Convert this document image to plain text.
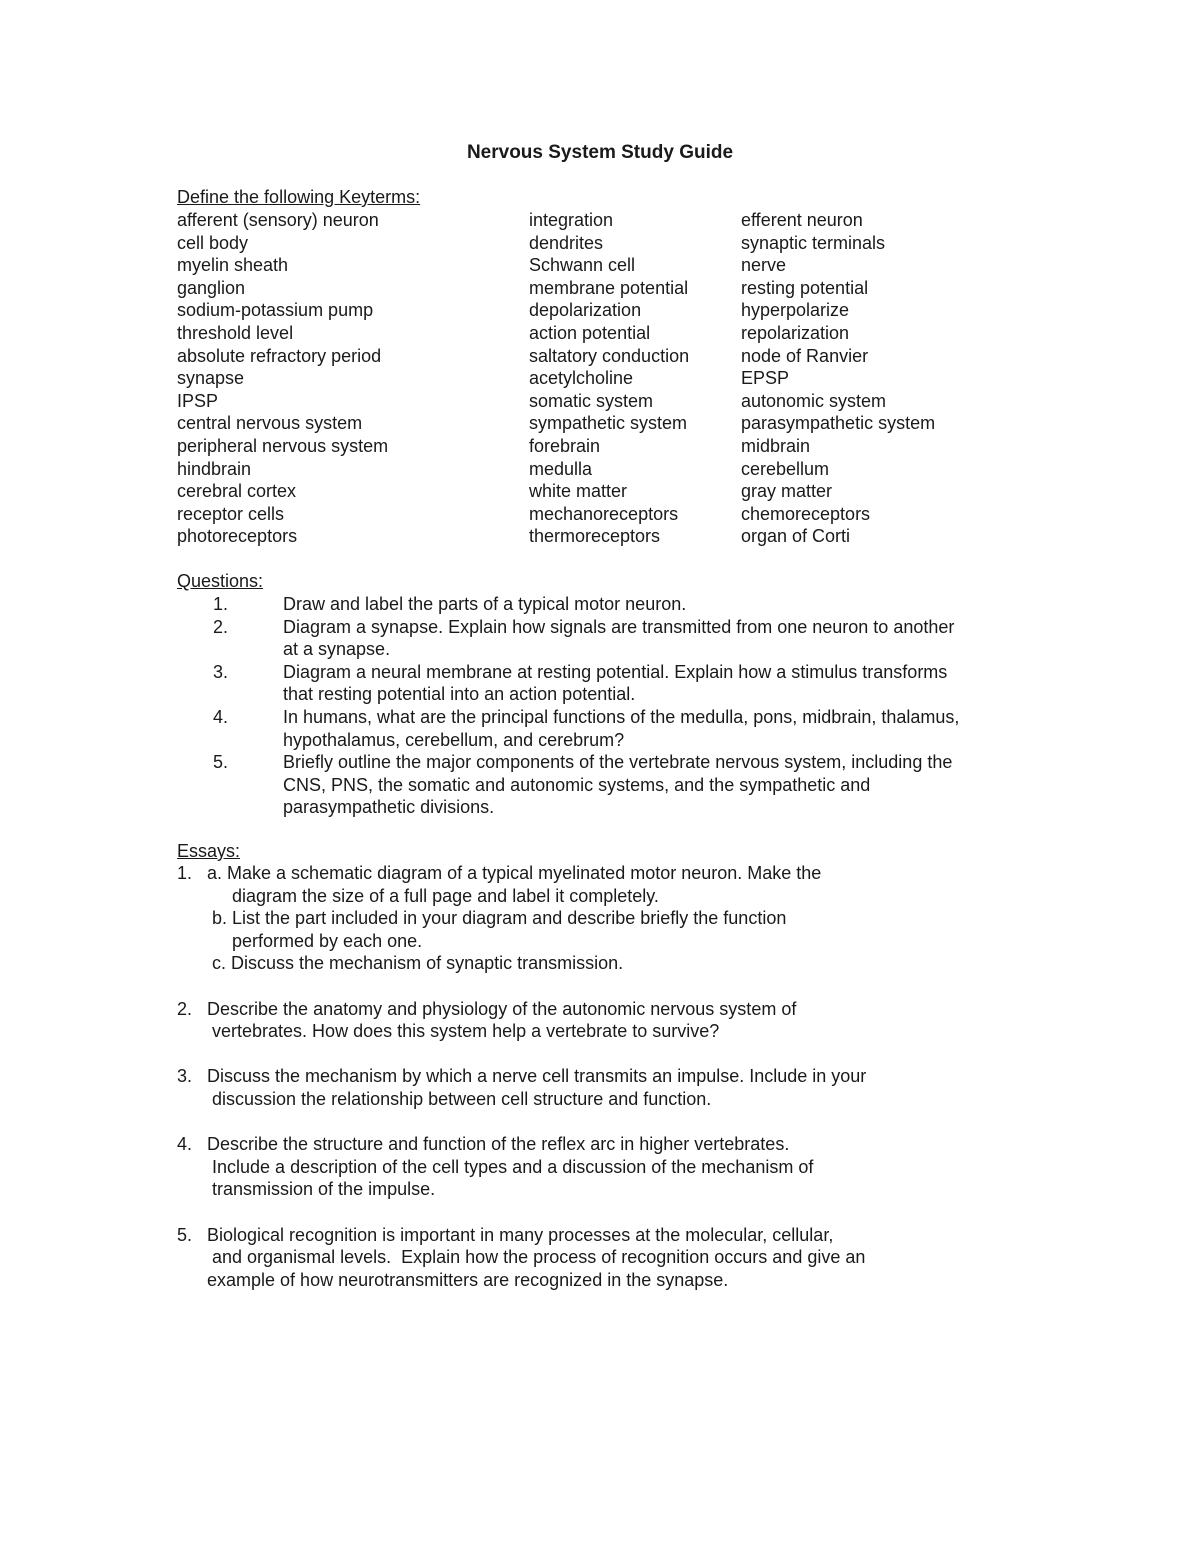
Nervous System Study Guide
Define the following Keyterms:
afferent (sensory) neuron	integration	efferent neuron
cell body	dendrites	synaptic terminals
myelin sheath	Schwann cell	nerve
ganglion	membrane potential	resting potential
sodium-potassium pump	depolarization	hyperpolarize
threshold level	action potential	repolarization
absolute refractory period	saltatory conduction	node of Ranvier
synapse	acetylcholine	EPSP
IPSP	somatic system	autonomic system
central nervous system	sympathetic system	parasympathetic system
peripheral nervous system	forebrain	midbrain
hindbrain	medulla	cerebellum
cerebral cortex	white matter	gray matter
receptor cells	mechanoreceptors	chemoreceptors
photoreceptors	thermoreceptors	organ of Corti
Questions:
1.	Draw and label the parts of a typical motor neuron.
2.	Diagram a synapse. Explain how signals are transmitted from one neuron to another
at a synapse.
3.	Diagram a neural membrane at resting potential. Explain how a stimulus transforms
that resting potential into an action potential.
4.	In humans, what are the principal functions of the medulla, pons, midbrain, thalamus,
hypothalamus, cerebellum, and cerebrum?
5.	Briefly outline the major components of the vertebrate nervous system, including the
CNS, PNS, the somatic and autonomic systems, and the sympathetic and
parasympathetic divisions.
Essays:
1.   a. Make a schematic diagram of a typical myelinated motor neuron. Make the
diagram the size of a full page and label it completely.
b. List the part included in your diagram and describe briefly the function
performed by each one.
c. Discuss the mechanism of synaptic transmission.
2.   Describe the anatomy and physiology of the autonomic nervous system of
vertebrates. How does this system help a vertebrate to survive?
3.   Discuss the mechanism by which a nerve cell transmits an impulse. Include in your
discussion the relationship between cell structure and function.
4.   Describe the structure and function of the reflex arc in higher vertebrates.
Include a description of the cell types and a discussion of the mechanism of
transmission of the impulse.
5.   Biological recognition is important in many processes at the molecular, cellular,
and organismal levels.  Explain how the process of recognition occurs and give an
example of how neurotransmitters are recognized in the synapse.
